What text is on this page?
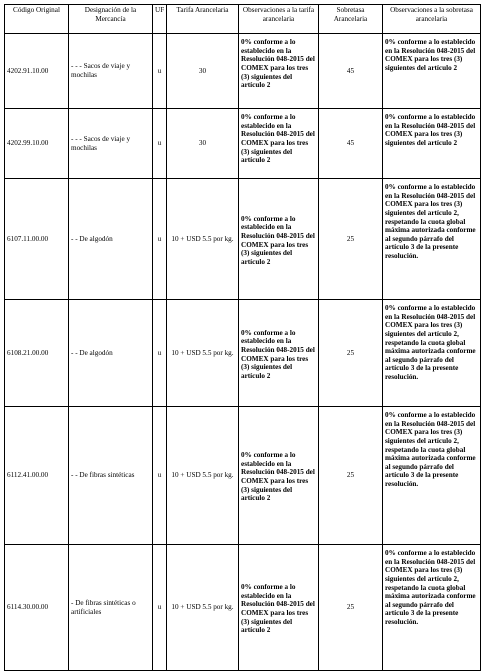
Código Original	Designación de la Mercancía	UF	Tarifa Arancelaria	Observaciones a la tarifa arancelaria	Sobretasa Arancelaria	Observaciones a la sobretasa arancelaria
4202.91.10.00	- - - Sacos de viaje y mochilas	u	30	0% conforme a lo establecido en la Resolución 048-2015 del COMEX para los tres (3) siguientes del artículo 2	45	0% conforme a lo establecido en la Resolución 048-2015 del COMEX para los tres (3) siguientes del artículo 2
4202.99.10.00	- - - Sacos de viaje y mochilas	u	30	0% conforme a lo establecido en la Resolución 048-2015 del COMEX para los tres (3) siguientes del artículo 2	45	0% conforme a lo establecido en la Resolución 048-2015 del COMEX para los tres (3) siguientes del artículo 2
6107.11.00.00	- - De algodón	u	10 + USD 5.5 por kg.	0% conforme a lo establecido en la Resolución 048-2015 del COMEX para los tres (3) siguientes del artículo 2	25	0% conforme a lo establecido en la Resolución 048-2015 del COMEX para los tres (3) siguientes del artículo 2, respetando la cuota global máxima autorizada conforme al segundo párrafo del artículo 3 de la presente resolución.
6108.21.00.00	- - De algodón	u	10 + USD 5.5 por kg.	0% conforme a lo establecido en la Resolución 048-2015 del COMEX para los tres (3) siguientes del artículo 2	25	0% conforme a lo establecido en la Resolución 048-2015 del COMEX para los tres (3) siguientes del artículo 2, respetando la cuota global máxima autorizada conforme al segundo párrafo del artículo 3 de la presente resolución.
6112.41.00.00	- - De fibras sintéticas	u	10 + USD 5.5 por kg.	0% conforme a lo establecido en la Resolución 048-2015 del COMEX para los tres (3) siguientes del artículo 2	25	0% conforme a lo establecido en la Resolución 048-2015 del COMEX para los tres (3) siguientes del artículo 2, respetando la cuota global máxima autorizada conforme al segundo párrafo del artículo 3 de la presente resolución.
6114.30.00.00	- De fibras sintéticas o artificiales	u	10 + USD 5.5 por kg.	0% conforme a lo establecido en la Resolución 048-2015 del COMEX para los tres (3) siguientes del artículo 2	25	0% conforme a lo establecido en la Resolución 048-2015 del COMEX para los tres (3) siguientes del artículo 2, respetando la cuota global máxima autorizada conforme al segundo párrafo del artículo 3 de la presente resolución.
